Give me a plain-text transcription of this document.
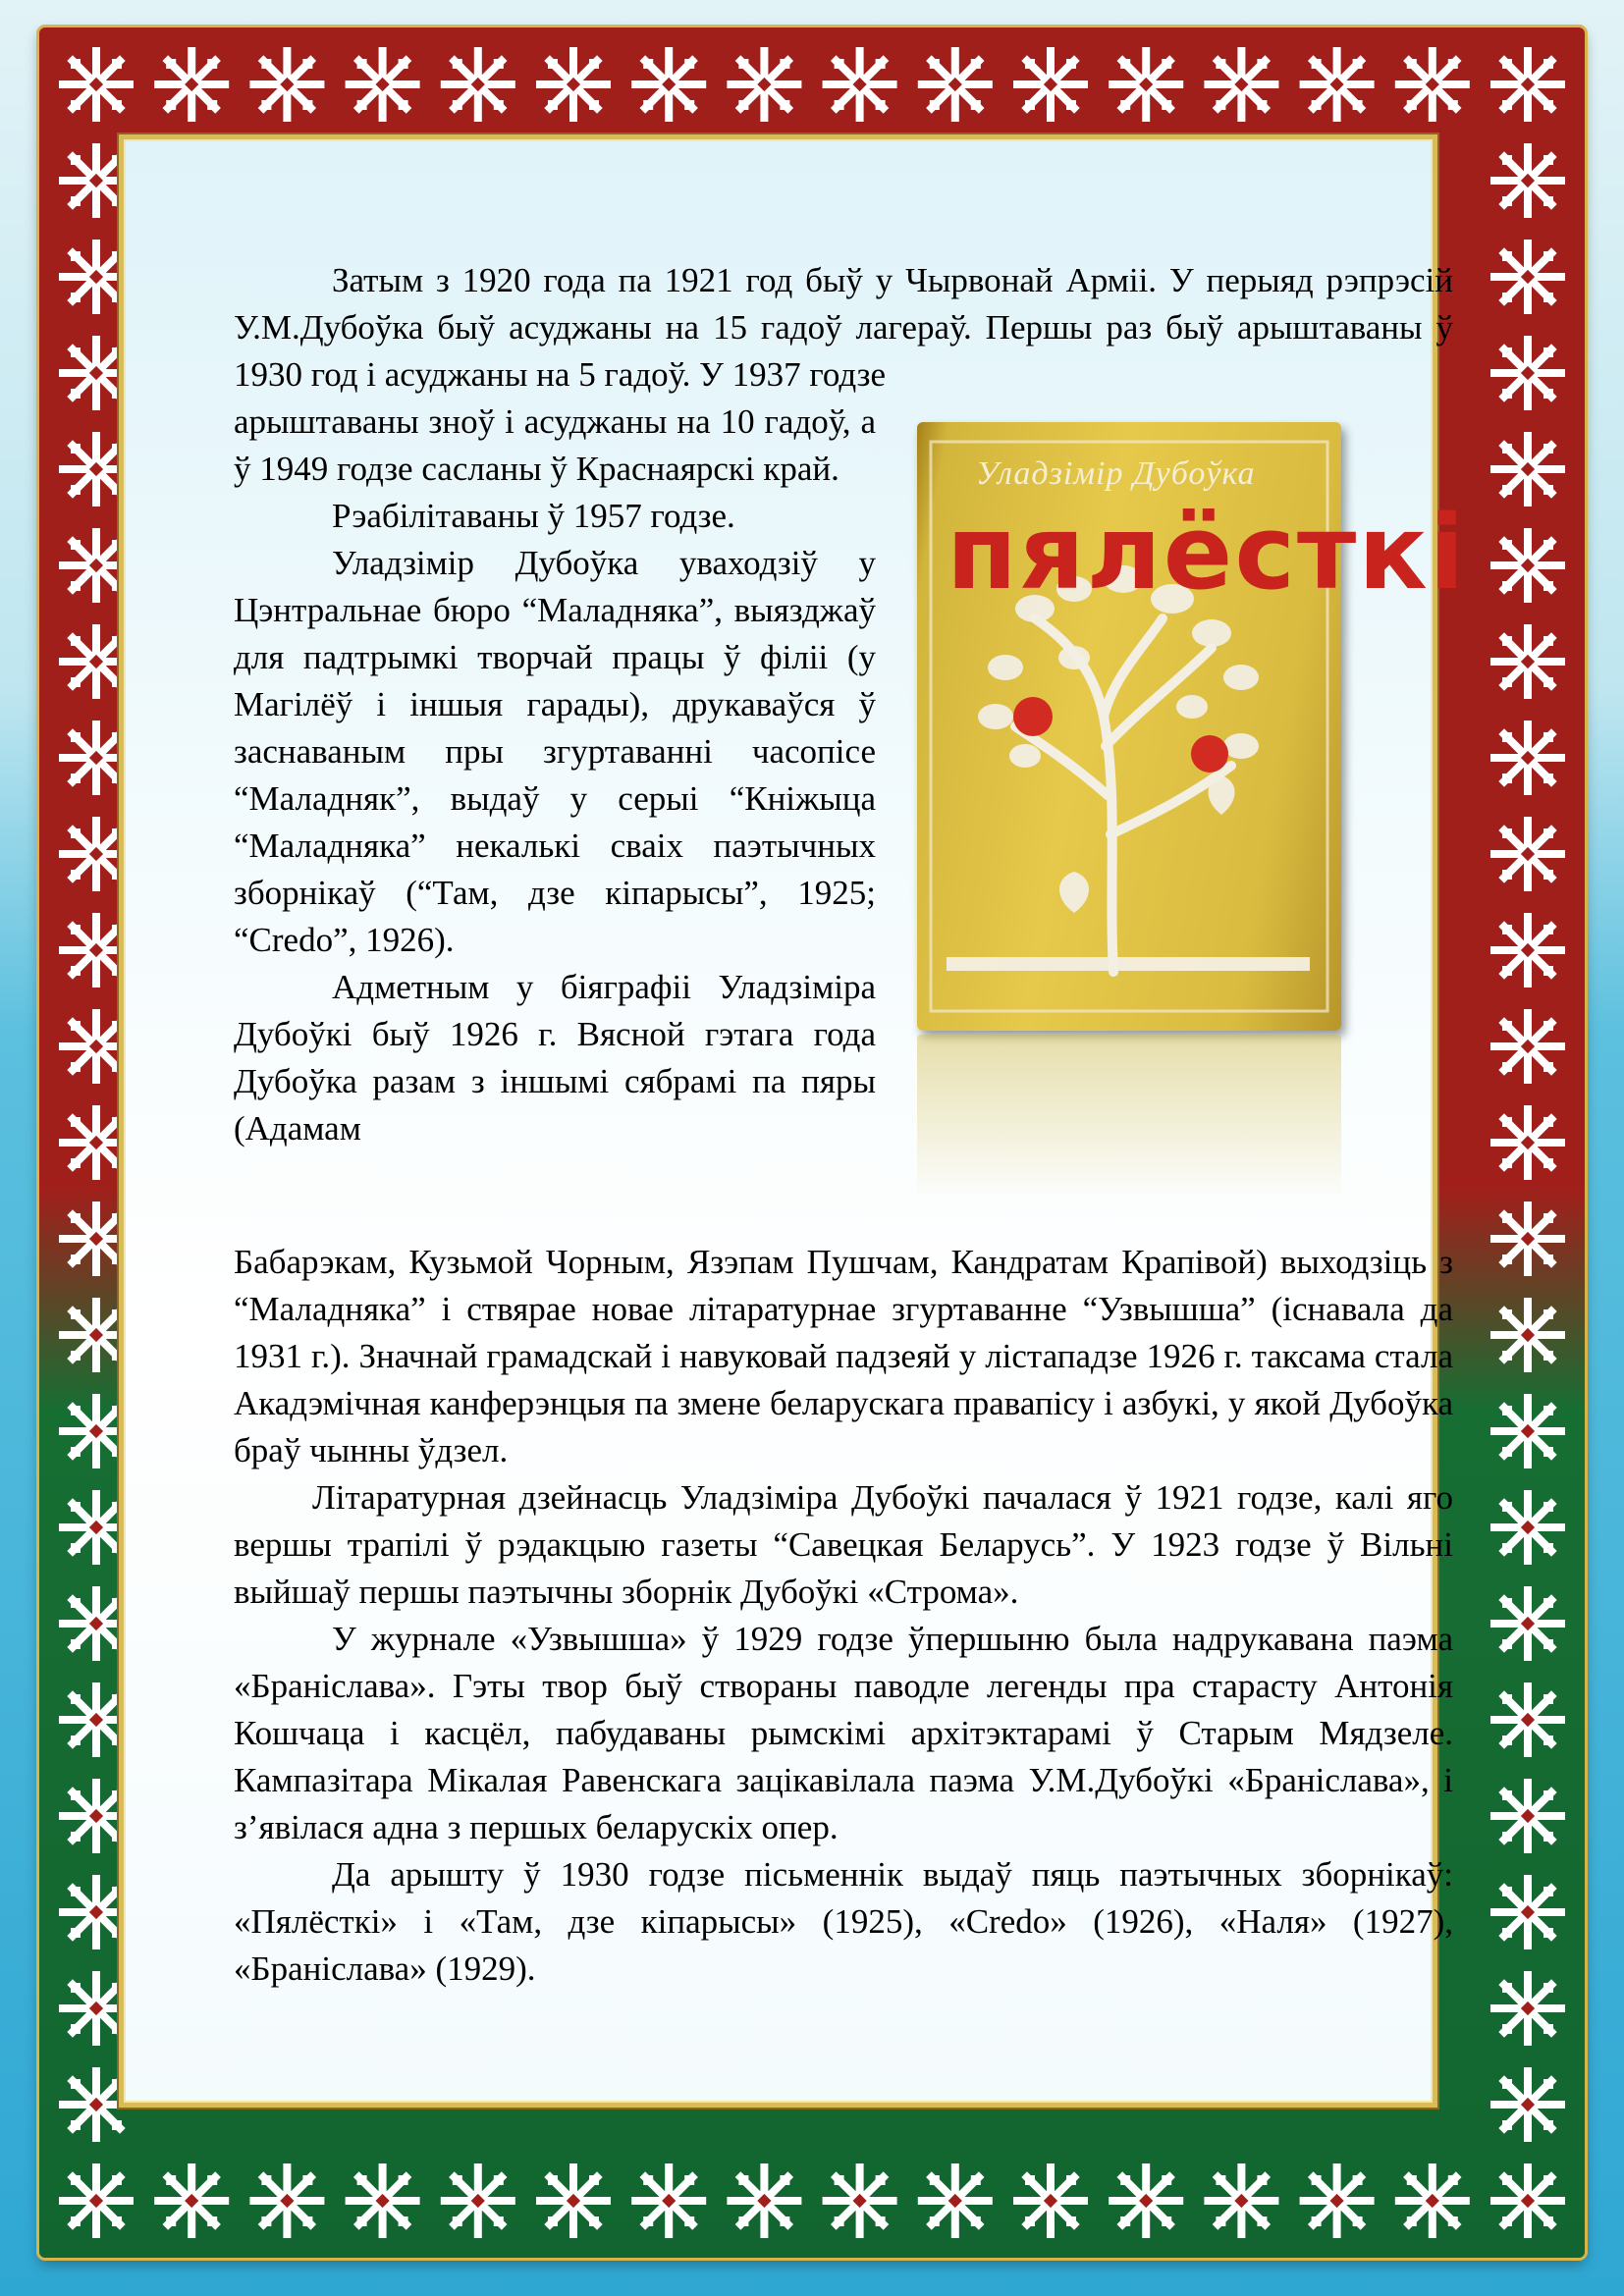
Уладзімір Дубоўка
пялёсткі

Затым з 1920 года па 1921 год быў у Чырвонай Арміі. У перыяд рэпрэсій У.М.Дубоўка быў асуджаны на 15 гадоў лагераў. Першы раз быў арыштаваны ў 1930 год і асуджаны на 5 гадоў. У 1937 годзе

арыштаваны зноў і асуджаны на 10 гадоў, а ў 1949 годзе сасланы ў Краснаярскі край.

Рэабілітаваны ў 1957 годзе.

Уладзімір Дубоўка уваходзіў у Цэнтральнае бюро “Маладняка”, выязджаў для падтрымкі творчай працы ў філіі (у Магілёў і іншыя гарады), друкаваўся ў заснаваным пры згуртаванні часопісе “Маладняк”, выдаў у серыі “Кніжыца “Маладняка” некалькі сваіх паэтычных зборнікаў (“Там, дзе кіпарысы”, 1925; “Credo”, 1926).

Адметным у біяграфіі Уладзіміра Дубоўкі быў 1926 г. Вясной гэтага года Дубоўка разам з іншымі сябрамі па пяры (Адамам

Бабарэкам, Кузьмой Чорным, Язэпам Пушчам, Кандратам Крапівой) выходзіць з “Маладняка” і ствярае новае літаратурнае згуртаванне “Узвышша” (існавала да 1931 г.). Значнай грамадскай і навуковай падзеяй у лістападзе 1926 г. таксама стала Акадэмічная канферэнцыя па змене беларускага правапісу і азбукі, у якой Дубоўка браў чынны ўдзел.

Літаратурная дзейнасць Уладзіміра Дубоўкі пачалася ў 1921 годзе, калі яго вершы трапілі ў рэдакцыю газеты “Савецкая Беларусь”. У 1923 годзе ў Вільні выйшаў першы паэтычны зборнік Дубоўкі «Строма».

У журнале «Узвышша» ў 1929 годзе ўпершыню была надрукавана паэма «Браніслава». Гэты твор быў створаны паводле легенды пра старасту Антонія Кошчаца і касцёл, пабудаваны рымскімі архітэктарамі ў Старым Мядзеле. Кампазітара Мікалая Равенскага зацікавілала паэма У.М.Дубоўкі «Браніслава», і з’явілася адна з першых беларускіх опер.

Да арышту ў 1930 годзе пісьменнік выдаў пяць паэтычных зборнікаў: «Пялёсткі» і «Там, дзе кіпарысы» (1925), «Credo» (1926), «Наля» (1927), «Браніслава» (1929).
